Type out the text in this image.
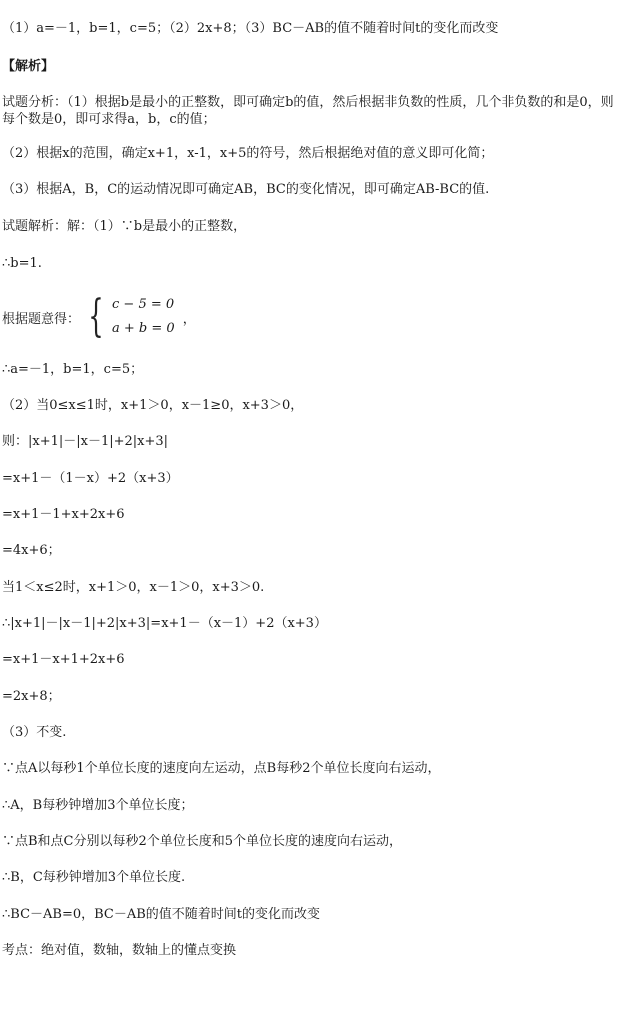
（1）a=－1，b=1，c=5；（2）2x+8；（3）BC－AB的值不随着时间t的变化而改变
【解析】
试题分析：（1）根据b是最小的正整数，即可确定b的值，然后根据非负数的性质，几个非负数的和是0，则每个数是0，即可求得a，b，c的值；
（2）根据x的范围，确定x+1，x-1，x+5的符号，然后根据绝对值的意义即可化简；
（3）根据A，B，C的运动情况即可确定AB，BC的变化情况，即可确定AB-BC的值.
试题解析：解：（1）∵b是最小的正整数，
∴b=1.
根据题意得： { c − 5 = 0
a + b = 0
，
∴a=－1，b=1，c=5；
（2）当0≤x≤1时，x+1＞0，x－1≥0，x+3＞0，
则：|x+1|－|x－1|+2|x+3|
=x+1－（1－x）+2（x+3）
=x+1－1+x+2x+6
=4x+6；
当1＜x≤2时，x+1＞0，x－1＞0，x+3＞0.
∴|x+1|－|x－1|+2|x+3|=x+1－（x－1）+2（x+3）
=x+1－x+1+2x+6
=2x+8；
（3）不变.
∵点A以每秒1个单位长度的速度向左运动，点B每秒2个单位长度向右运动，
∴A，B每秒钟增加3个单位长度；
∵点B和点C分别以每秒2个单位长度和5个单位长度的速度向右运动，
∴B，C每秒钟增加3个单位长度.
∴BC－AB=0，BC－AB的值不随着时间t的变化而改变
考点：绝对值，数轴，数轴上的懂点变换
